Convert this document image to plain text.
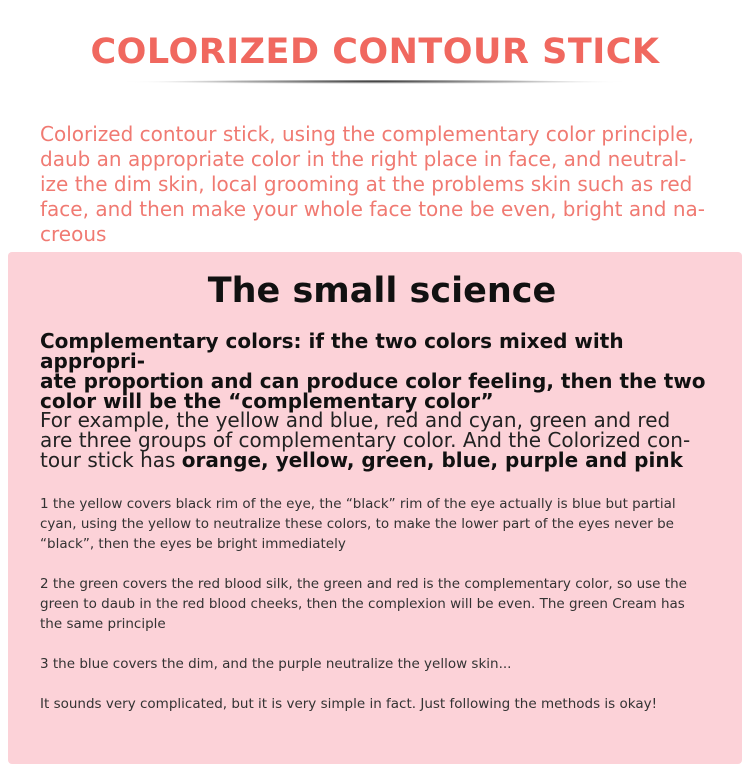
COLORIZED CONTOUR STICK

Colorized contour stick, using the complementary color principle,
daub an appropriate color in the right place in face, and neutral-
ize the dim skin, local grooming at the problems skin such as red
face, and then make your whole face tone be even, bright and na-
creous

The small science

Complementary colors: if the two colors mixed with appropri-
ate proportion and can produce color feeling, then the two
color will be the “complementary color”

For example, the yellow and blue, red and cyan, green and red
are three groups of complementary color. And the Colorized con-
tour stick has orange, yellow, green, blue, purple and pink

1 the yellow covers black rim of the eye, the “black” rim of the eye actually is blue but partial
cyan, using the yellow to neutralize these colors, to make the lower part of the eyes never be
“black”, then the eyes be bright immediately

2 the green covers the red blood silk, the green and red is the complementary color, so use the
green to daub in the red blood cheeks, then the complexion will be even. The green Cream has
the same principle

3 the blue covers the dim, and the purple neutralize the yellow skin...

It sounds very complicated, but it is very simple in fact. Just following the methods is okay!
